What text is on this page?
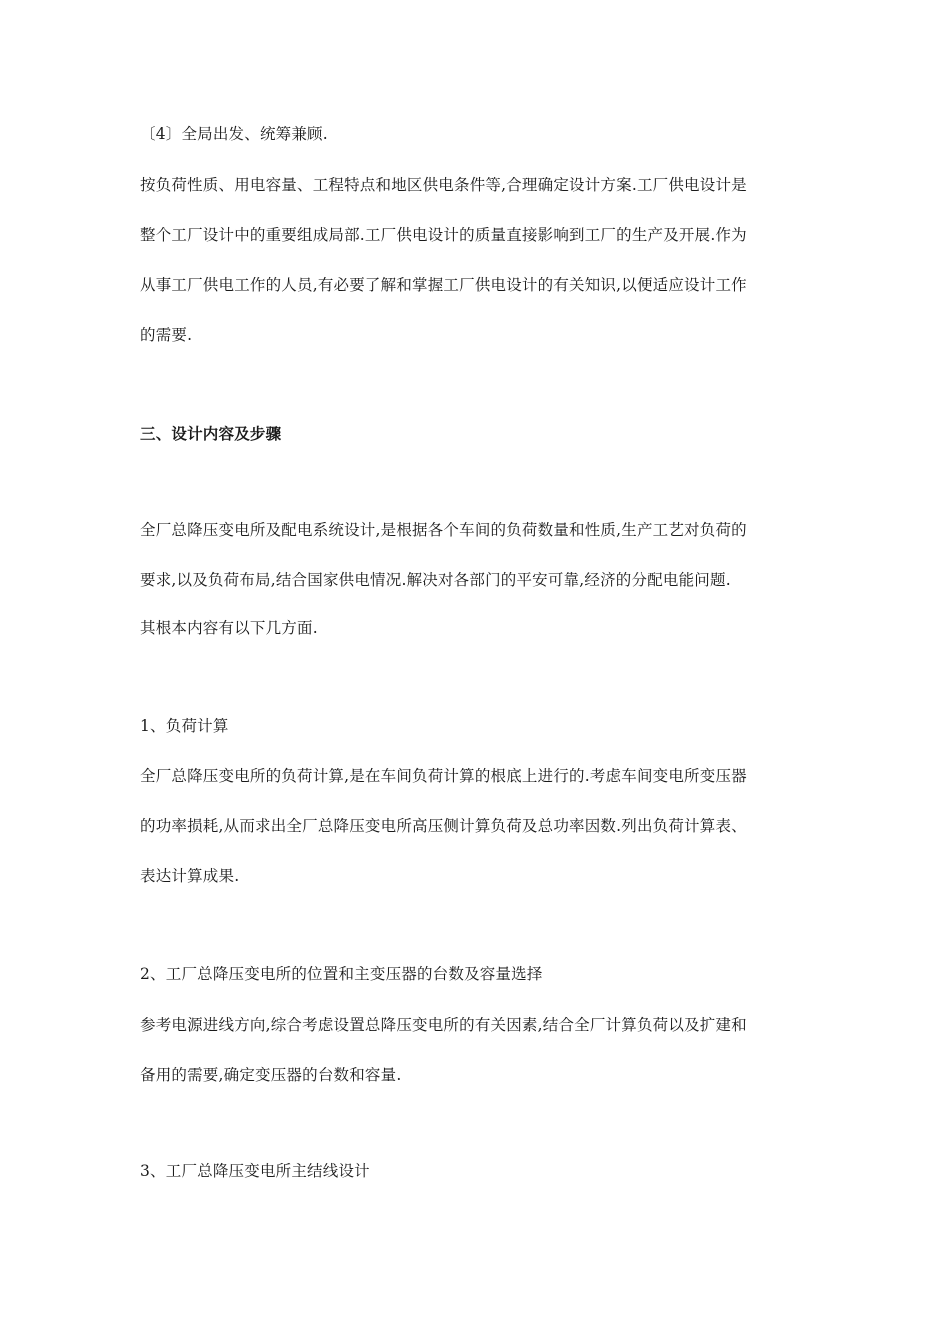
〔4〕全局出发、统筹兼顾.
按负荷性质、用电容量、工程特点和地区供电条件等,合理确定设计方案.工厂供电设计是
整个工厂设计中的重要组成局部.工厂供电设计的质量直接影响到工厂的生产及开展.作为
从事工厂供电工作的人员,有必要了解和掌握工厂供电设计的有关知识,以便适应设计工作
的需要.
三、设计内容及步骤
全厂总降压变电所及配电系统设计,是根据各个车间的负荷数量和性质,生产工艺对负荷的
要求,以及负荷布局,结合国家供电情况.解决对各部门的平安可靠,经济的分配电能问题.
其根本内容有以下几方面.
1、负荷计算
全厂总降压变电所的负荷计算,是在车间负荷计算的根底上进行的.考虑车间变电所变压器
的功率损耗,从而求出全厂总降压变电所高压侧计算负荷及总功率因数.列出负荷计算表、
表达计算成果.
2、工厂总降压变电所的位置和主变压器的台数及容量选择
参考电源进线方向,综合考虑设置总降压变电所的有关因素,结合全厂计算负荷以及扩建和
备用的需要,确定变压器的台数和容量.
3、工厂总降压变电所主结线设计
